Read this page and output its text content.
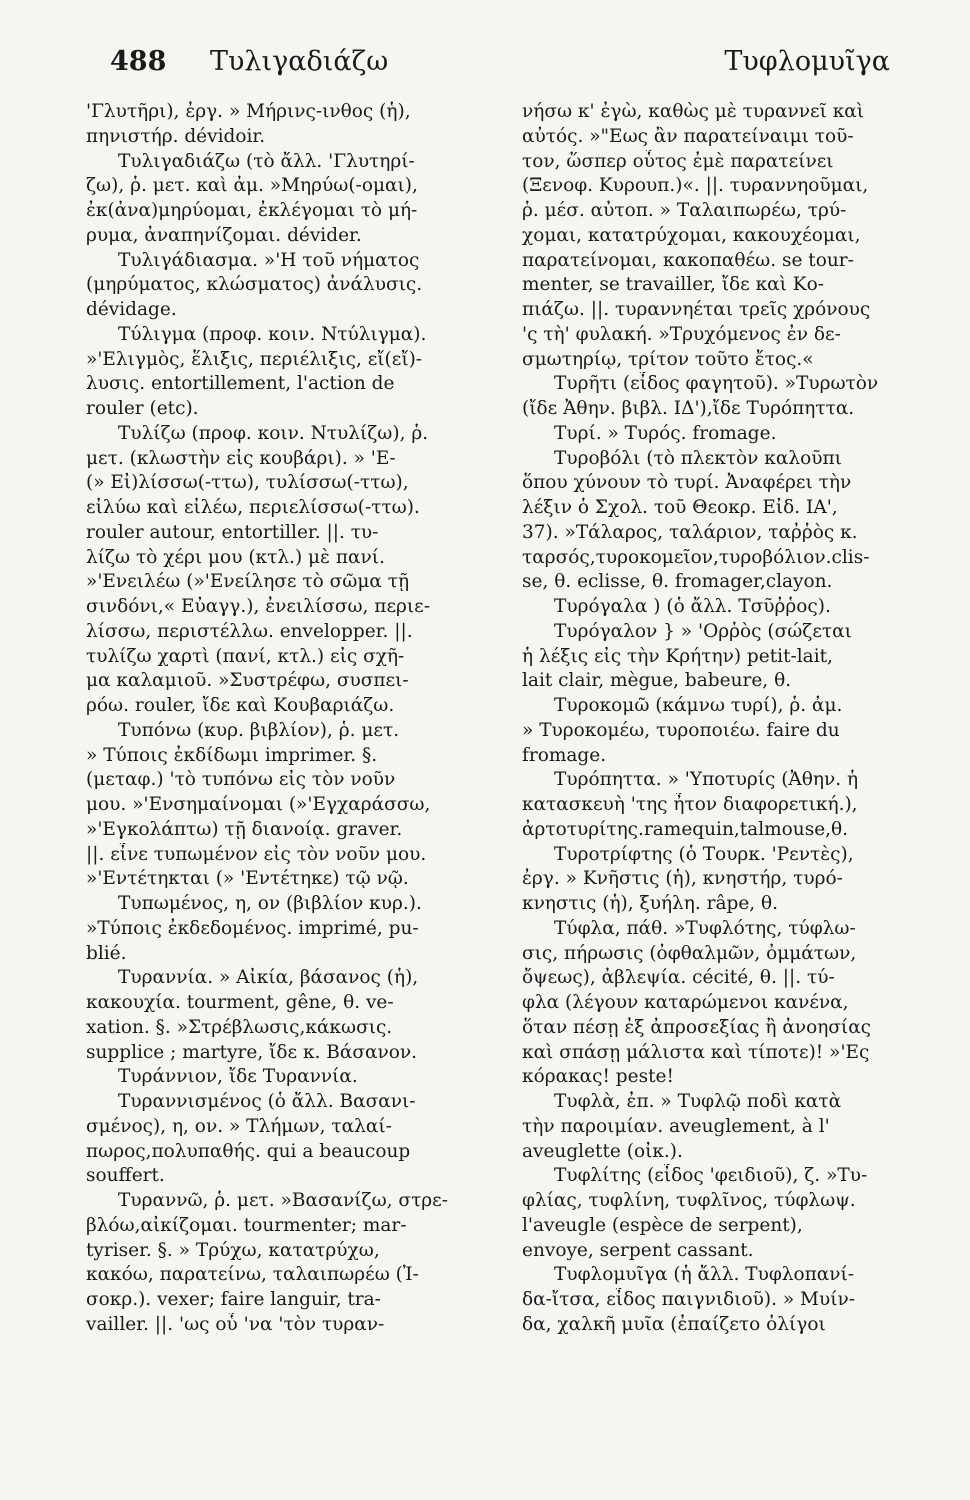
488 Τυλιγαδιάζω	Τυφλομυῖγα
'Γλυτῆρι), ἐργ. » Μήρινς-ινθος (ἡ),
πηνιστήρ. dévidoir.
Τυλιγαδιάζω (τὸ ἄλλ. 'Γλυτηρί-
ζω), ῥ. μετ. καὶ ἀμ. »Μηρύω(-ομαι),
ἐκ(ἀνα)μηρύομαι, ἐκλέγομαι τὸ μή-
ρυμα, ἀναπηνίζομαι. dévider.
Τυλιγάδιασμα. »'Η τοῦ νήματος
(μηρύματος, κλώσματος) ἀνάλυσις.
dévidage.
Τύλιγμα (προφ. κοιν. Ντύλιγμα).
»'Ελιγμὸς, ἕλιξις, περιέλιξις, εἴ(εἴ)-
λυσις. entortillement, l'action de
rouler (etc).
Τυλίζω (προφ. κοιν. Ντυλίζω), ῥ.
μετ. (κλωστὴν εἰς κουβάρι). » 'Ε-
(» Εἰ)λίσσω(-ττω), τυλίσσω(-ττω),
εἰλύω καὶ εἰλέω, περιελίσσω(-ττω).
rouler autour, entortiller. ||. τυ-
λίζω τὸ χέρι μου (κτλ.) μὲ πανί.
»'Ενειλέω (»'Ενείλησε τὸ σῶμα τῇ
σινδόνι,« Εὐαγγ.), ἐνειλίσσω, περιε-
λίσσω, περιστέλλω. envelopper. ||.
τυλίζω χαρτὶ (πανί, κτλ.) εἰς σχῆ-
μα καλαμιοῦ. »Συστρέφω, συσπει-
ρόω. rouler, ἴδε καὶ Κουβαριάζω.
Τυπόνω (κυρ. βιβλίον), ῥ. μετ.
» Τύποις ἐκδίδωμι imprimer. §.
(μεταφ.) 'τὸ τυπόνω εἰς τὸν νοῦν
μου. »'Ενσημαίνομαι (»'Εγχαράσσω,
»'Εγκολάπτω) τῇ διανοίᾳ. graver.
||. εἶνε τυπωμένον εἰς τὸν νοῦν μου.
»'Εντέτηκται (» 'Εντέτηκε) τῷ νῷ.
Τυπωμένος, η, ον (βιβλίον κυρ.).
»Τύποις ἐκδεδομένος. imprimé, pu-
blié.
Τυραννία. » Αἰκία, βάσανος (ἡ),
κακουχία. tourment, gêne, θ. ve-
xation. §. »Στρέβλωσις,κάκωσις.
supplice ; martyre, ἴδε κ. Βάσανον.
Τυράννιον, ἴδε Τυραννία.
Τυραννισμένος (ὁ ἄλλ. Βασανι-
σμένος), η, ον. » Τλήμων, ταλαί-
πωρος,πολυπαθής. qui a beaucoup
souffert.
Τυραννῶ, ῥ. μετ. »Βασανίζω, στρε-
βλόω,αἰκίζομαι. tourmenter; mar-
tyriser. §. » Τρύχω, κατατρύχω,
κακόω, παρατείνω, ταλαιπωρέω (Ἰ-
σοκρ.). vexer; faire languir, tra-
vailler. ||. 'ως οὗ 'να 'τὸν τυραν-
νήσω κ' ἐγὼ, καθὼς μὲ τυραννεῖ καὶ
αὐτός. »"Εως ἂν παρατείναιμι τοῦ-
τον, ὥσπερ οὗτος ἐμὲ παρατείνει
(Ξενοφ. Κυρουπ.)«. ||. τυραννηοῦμαι,
ῥ. μέσ. αὐτοπ. » Ταλαιπωρέω, τρύ-
χομαι, κατατρύχομαι, κακουχέομαι,
παρατείνομαι, κακοπαθέω. se tour-
menter, se travailler, ἴδε καὶ Κο-
πιάζω. ||. τυραννηέται τρεῖς χρόνους
'ς τὴ' φυλακή. »Τρυχόμενος ἐν δε-
σμωτηρίῳ, τρίτον τοῦτο ἔτος.«
Τυρῆτι (εἶδος φαγητοῦ). »Τυρωτὸν
(ἴδε Ἀθην. βιβλ. ΙΔ'),ἴδε Τυρόπηττα.
Τυρί. » Τυρός. fromage.
Τυροβόλι (τὸ πλεκτὸν καλοῦπι
ὅπου χύνουν τὸ τυρί. Ἀναφέρει τὴν
λέξιν ὁ Σχολ. τοῦ Θεοκρ. Εἰδ. ΙΑ',
37). »Τάλαρος, ταλάριον, ταῤῥὸς κ.
ταρσός,τυροκομεῖον,τυροβόλιον.clis-
se, θ. eclisse, θ. fromager,clayon.
Τυρόγαλα ) (ὁ ἄλλ. Τσῦῤῥος).
Τυρόγαλον } » 'Ορῥὸς (σώζεται
ἡ λέξις εἰς τὴν Κρήτην) petit-lait,
lait clair, mègue, babeure, θ.
Τυροκομῶ (κάμνω τυρί), ῥ. ἀμ.
» Τυροκομέω, τυροποιέω. faire du
fromage.
Τυρόπηττα. » 'Υποτυρίς (Ἀθην. ἡ
κατασκευὴ 'της ἦτον διαφορετική.),
ἀρτοτυρίτης.ramequin,talmouse,θ.
Τυροτρίφτης (ὁ Τουρκ. 'Ρεντὲς),
ἐργ. » Κνῆστις (ἡ), κνηστήρ, τυρό-
κνηστις (ἡ), ξυήλη. râpe, θ.
Τύφλα, πάθ. »Τυφλότης, τύφλω-
σις, πήρωσις (ὀφθαλμῶν, ὀμμάτων,
ὄψεως), ἀβλεψία. cécité, θ. ||. τύ-
φλα (λέγουν καταρώμενοι κανένα,
ὅταν πέσῃ ἐξ ἀπροσεξίας ἢ ἀνοησίας
καὶ σπάσῃ μάλιστα καὶ τίποτε)! »'Ες
κόρακας! peste!
Τυφλὰ, ἐπ. » Τυφλῷ ποδὶ κατὰ
τὴν παροιμίαν. aveuglement, à l'
aveuglette (οἰκ.).
Τυφλίτης (εἶδος 'φειδιοῦ), ζ. »Τυ-
φλίας, τυφλίνη, τυφλῖνος, τύφλωψ.
l'aveugle (espèce de serpent),
envoye, serpent cassant.
Τυφλομυῖγα (ἡ ἄλλ. Τυφλοπανί-
δα-ἴτσα, εἶδος παιγνιδιοῦ). » Μυίν-
δα, χαλκῆ μυῖα (ἐπαίζετο ὀλίγοι
